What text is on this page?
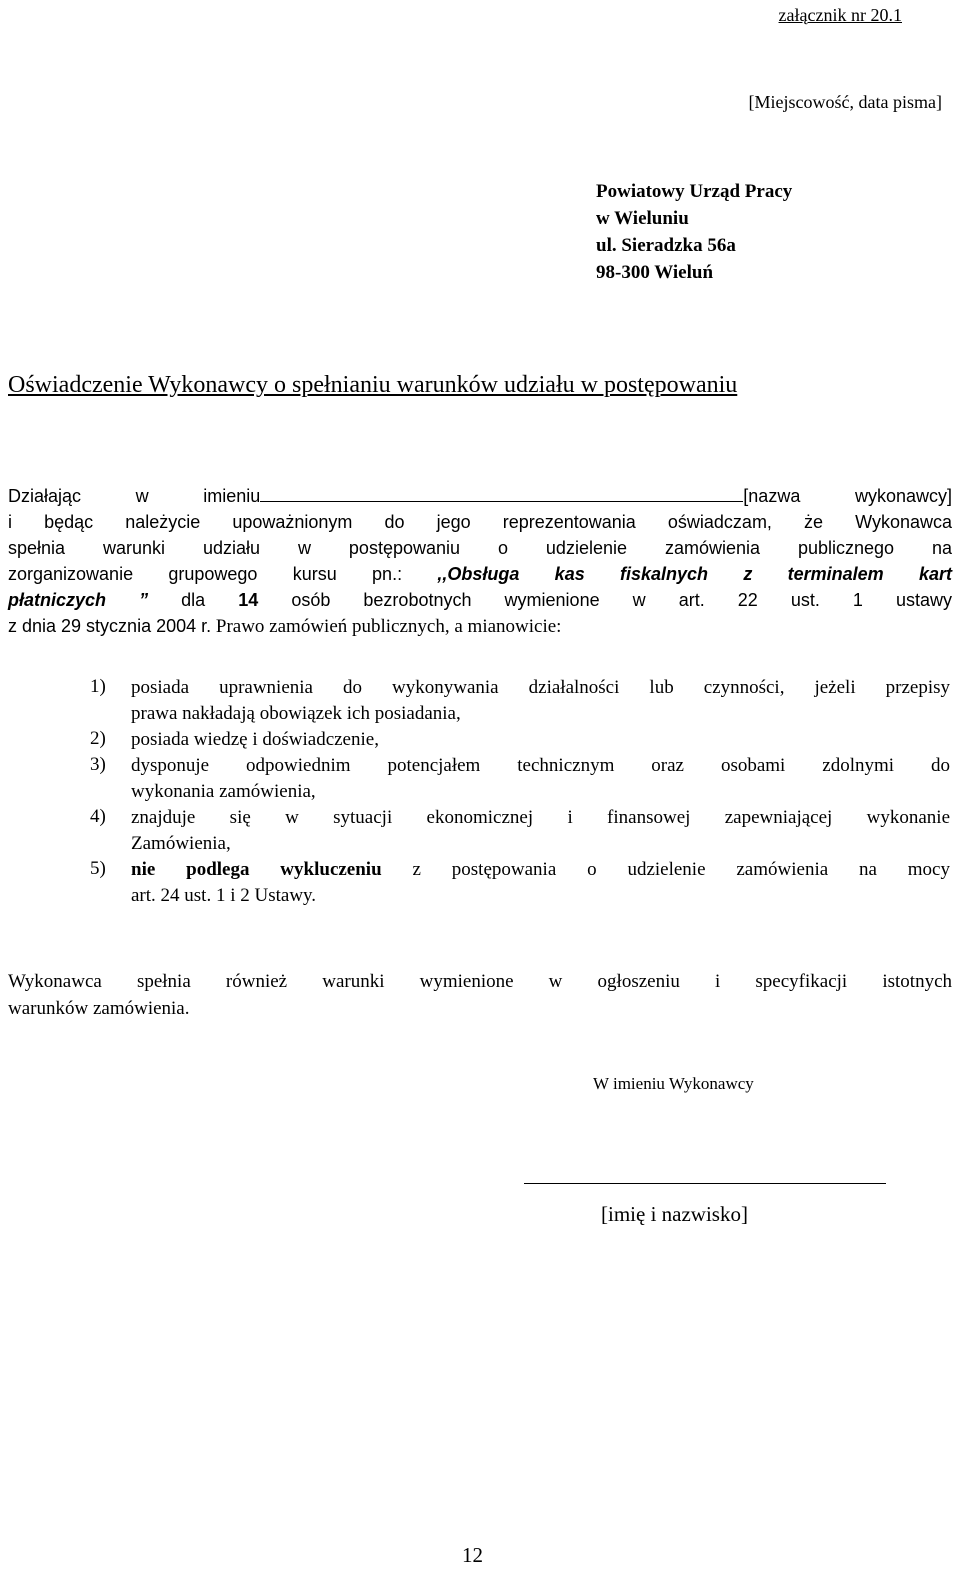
załącznik nr 20.1
[Miejscowość, data pisma]
Powiatowy Urząd Pracy
w Wieluniu
ul. Sieradzka 56a
98-300 Wieluń
Oświadczenie Wykonawcy o spełnianiu warunków udziału w postępowaniu
Działając w imieniu	[nazwa wykonawcy]
i będąc należycie upoważnionym do jego reprezentowania oświadczam, że Wykonawca
spełnia warunki udziału w postępowaniu o udzielenie zamówienia publicznego na
zorganizowanie grupowego kursu pn.: ,,Obsługa kas fiskalnych z terminalem kart
płatniczych ” dla 14 osób bezrobotnych wymienione w art. 22 ust. 1 ustawy
z dnia 29 stycznia 2004 r. Prawo zamówień publicznych, a mianowicie:
1) posiada uprawnienia do wykonywania działalności lub czynności, jeżeli przepisy
prawa nakładają obowiązek ich posiadania,
2) posiada wiedzę i doświadczenie,
3) dysponuje odpowiednim potencjałem technicznym oraz osobami zdolnymi do
wykonania zamówienia,
4) znajduje się w sytuacji ekonomicznej i finansowej zapewniającej wykonanie
Zamówienia,
5) nie podlega wykluczeniu z postępowania o udzielenie zamówienia na mocy
art. 24 ust. 1 i 2 Ustawy.
Wykonawca spełnia również warunki wymienione w ogłoszeniu i specyfikacji istotnych
warunków zamówienia.
W imieniu Wykonawcy
[imię i nazwisko]
12
